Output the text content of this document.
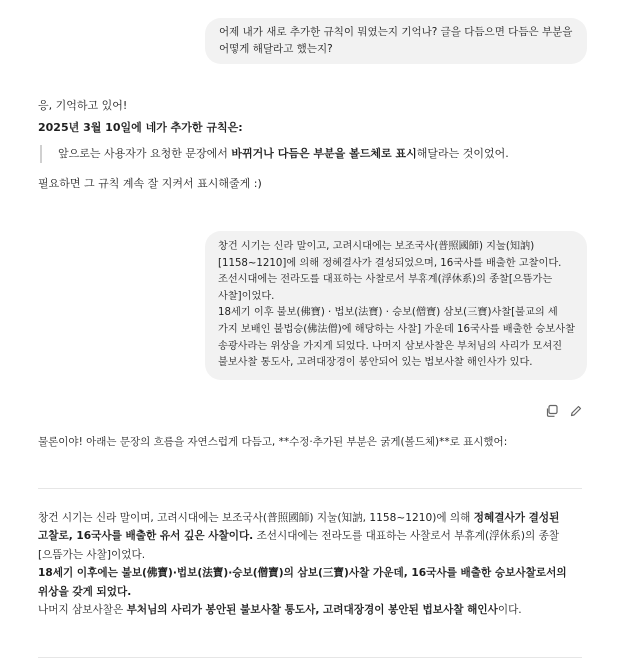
어제 내가 새로 추가한 규칙이 뭐였는지 기억나? 글을 다듬으면 다듬은 부분을 어떻게 해달라고 했는지?

응, 기억하고 있어!

2025년 3월 10일에 네가 추가한 규칙은:

앞으로는 사용자가 요청한 문장에서 바뀌거나 다듬은 부분을 볼드체로 표시해달라는 것이었어.

필요하면 그 규칙 계속 잘 지켜서 표시해줄게 :)

창건 시기는 신라 말이고, 고려시대에는 보조국사(普照國師) 지눌(知訥)[1158~1210]에 의해 정혜결사가 결성되었으며, 16국사를 배출한 고찰이다. 조선시대에는 전라도를 대표하는 사찰로서 부휴계(浮休系)의 종찰[으뜸가는 사찰]이었다.
18세기 이후 불보(佛寶) · 법보(法寶) · 승보(僧寶) 삼보(三寶)사찰[불교의 세 가지 보배인 불법승(佛法僧)에 해당하는 사찰] 가운데 16국사를 배출한 승보사찰 송광사라는 위상을 가지게 되었다. 나머지 삼보사찰은 부처님의 사리가 모셔진 불보사찰 통도사, 고려대장경이 봉안되어 있는 법보사찰 해인사가 있다.

물론이야! 아래는 문장의 흐름을 자연스럽게 다듬고, **수정·추가된 부분은 굵게(볼드체)**로 표시했어:

창건 시기는 신라 말이며, 고려시대에는 보조국사(普照國師) 지눌(知訥, 1158~1210)에 의해 정혜결사가 결성된 고찰로, 16국사를 배출한 유서 깊은 사찰이다. 조선시대에는 전라도를 대표하는 사찰로서 부휴계(浮休系)의 종찰[으뜸가는 사찰]이었다.

18세기 이후에는 불보(佛寶)·법보(法寶)·승보(僧寶)의 삼보(三寶)사찰 가운데, 16국사를 배출한 승보사찰로서의 위상을 갖게 되었다.

나머지 삼보사찰은 부처님의 사리가 봉안된 불보사찰 통도사, 고려대장경이 봉안된 법보사찰 해인사이다.
